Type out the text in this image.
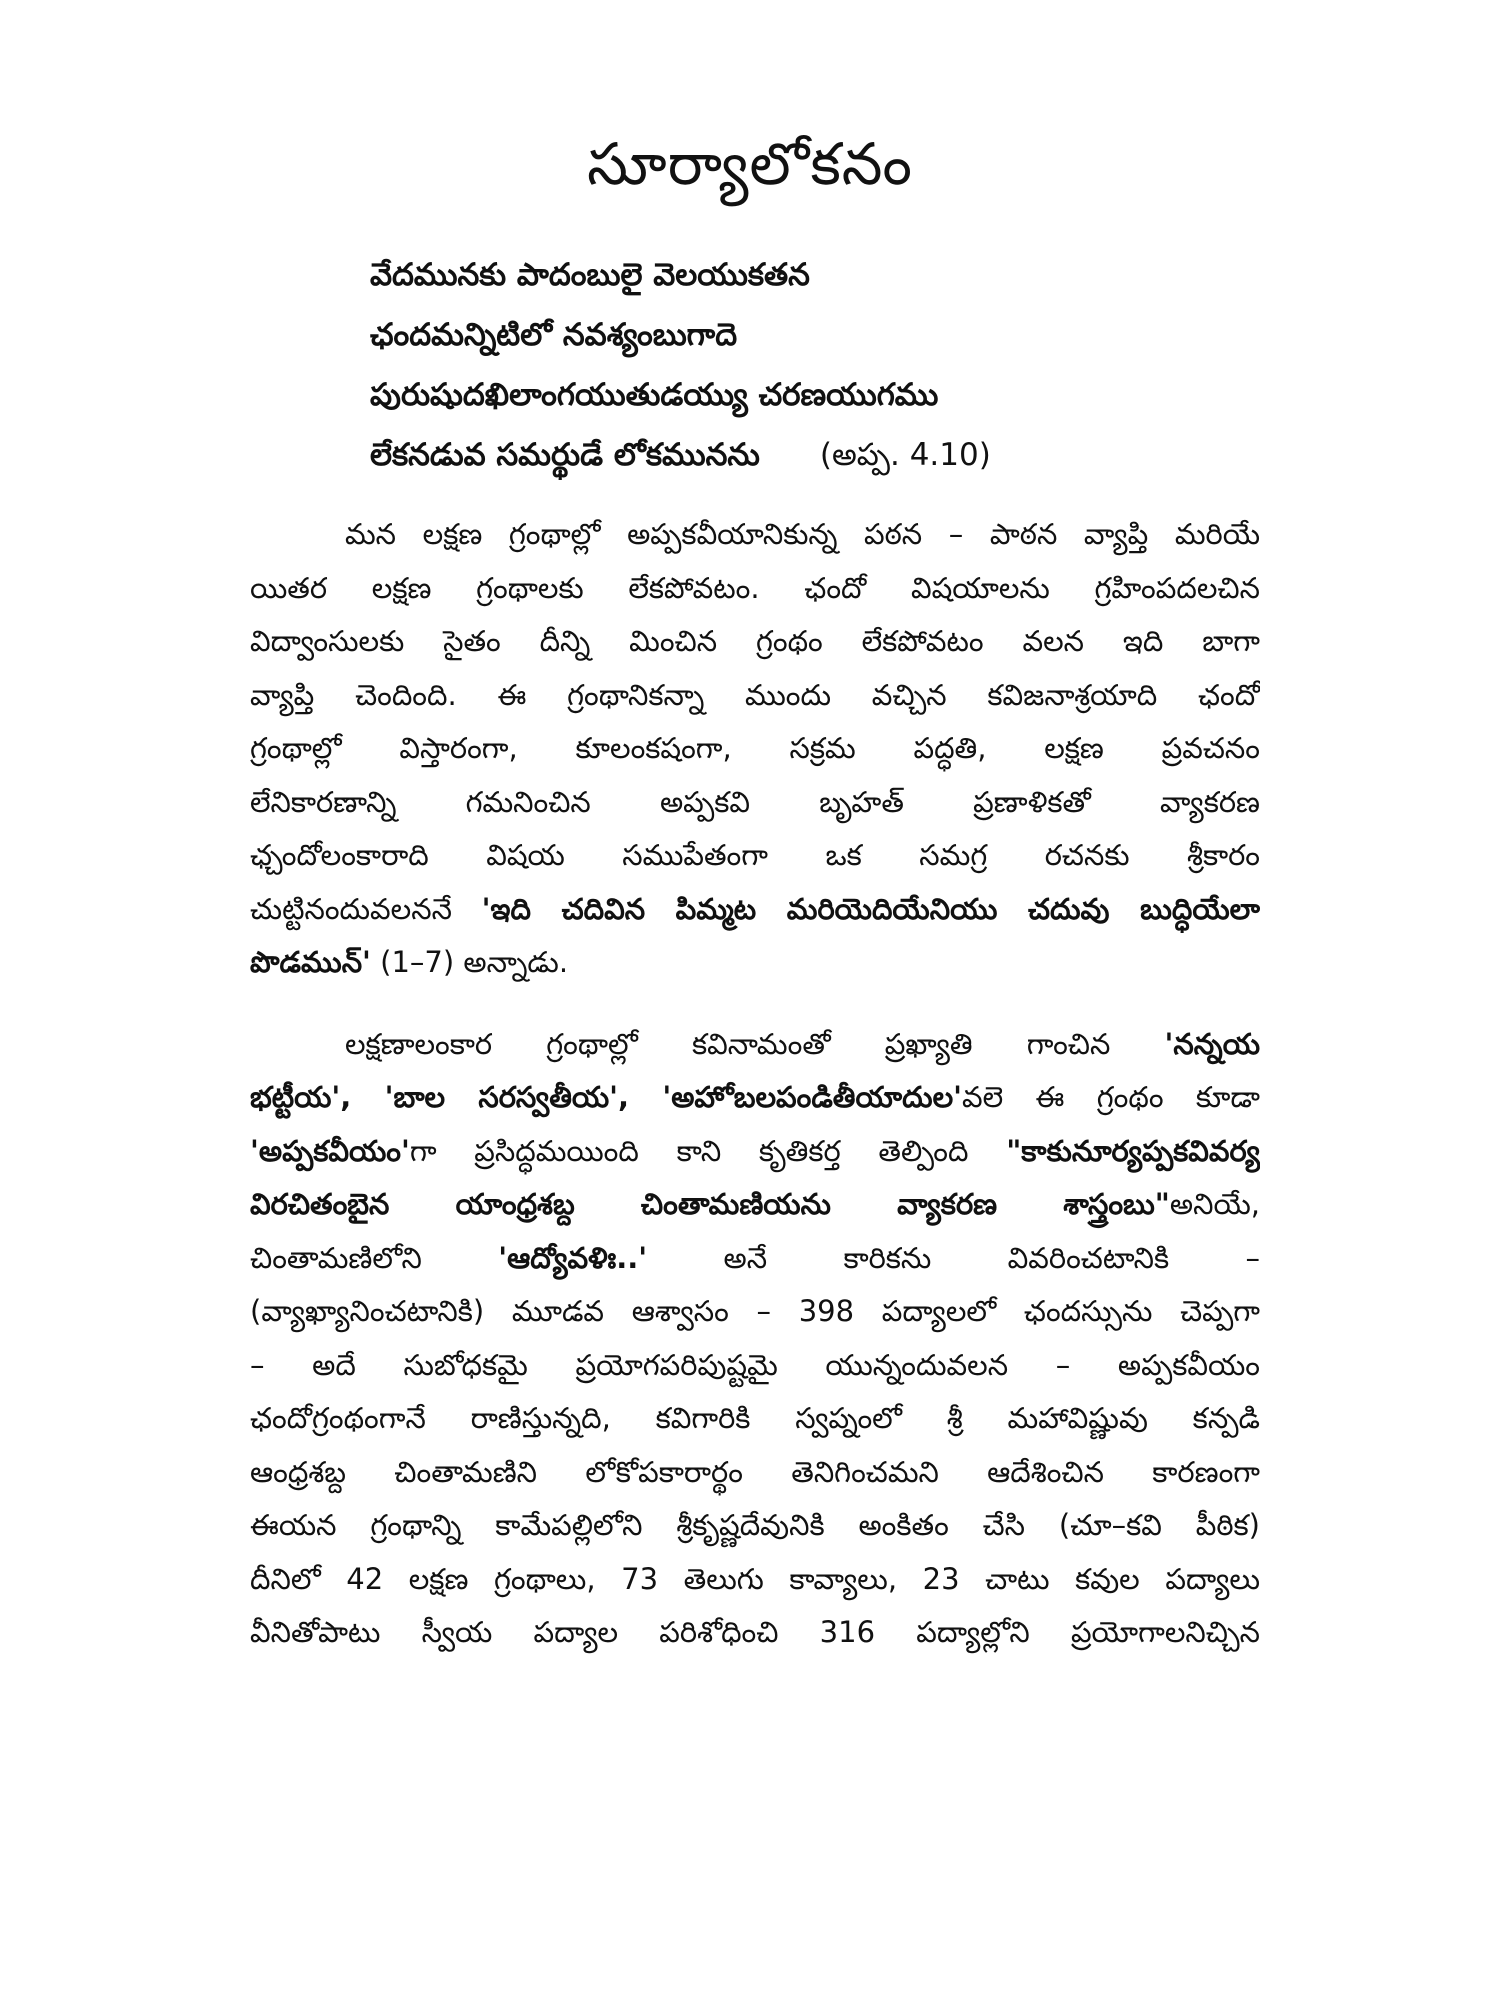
సూర్యాలోకనం
వేదమునకు పాదంబులై వెలయుకతన
ఛందమన్నిటిలో నవశ్యంబుగాదె
పురుషుదఖిలాంగయుతుడయ్యు చరణయుగము
లేకనడువ సమర్థుడే లోకమునను (అప్ప. 4.10)
మన లక్షణ గ్రంథాల్లో అప్పకవీయానికున్న పఠన – పాఠన వ్యాప్తి మరియే
యితర లక్షణ గ్రంథాలకు లేకపోవటం. ఛందో విషయాలను గ్రహింపదలచిన
విద్వాంసులకు సైతం దీన్ని మించిన గ్రంథం లేకపోవటం వలన ఇది బాగా
వ్యాప్తి చెందింది. ఈ గ్రంథానికన్నా ముందు వచ్చిన కవిజనాశ్రయాది ఛందో
గ్రంథాల్లో విస్తారంగా, కూలంకషంగా, సక్రమ పద్ధతి, లక్షణ ప్రవచనం
లేనికారణాన్ని గమనించిన అప్పకవి బృహత్ ప్రణాళికతో వ్యాకరణ
ఛ్చందోలంకారాది విషయ సముపేతంగా ఒక సమగ్ర రచనకు శ్రీకారం
చుట్టినందువలననే 'ఇది చదివిన పిమ్మట మరియెదియేనియు చదువు బుద్ధియేలా
పొడమున్' (1–7) అన్నాడు.
లక్షణాలంకార గ్రంథాల్లో కవినామంతో ప్రఖ్యాతి గాంచిన 'నన్నయ
భట్టీయ', 'బాల సరస్వతీయ', 'అహోబలపండితీయాదుల'వలె ఈ గ్రంథం కూడా
'అప్పకవీయం'గా ప్రసిద్ధమయింది కాని కృతికర్త తెల్పింది "కాకునూర్యప్పకవివర్య
విరచితంబైన యాంధ్రశబ్ద చింతామణియను వ్యాకరణ శాస్త్రంబు"అనియే,
చింతామణిలోని	'ఆద్యోవళిః..'	అనే కారికను వివరించటానికి –
(వ్యాఖ్యానించటానికి) మూడవ ఆశ్వాసం – 398 పద్యాలలో ఛందస్సును చెప్పగా
– అదే సుబోధకమై ప్రయోగపరిపుష్టమై యున్నందువలన – అప్పకవీయం
ఛందోగ్రంథంగానే రాణిస్తున్నది, కవిగారికి స్వప్నంలో శ్రీ మహావిష్ణువు కన్పడి
ఆంధ్రశబ్ద చింతామణిని లోకోపకారార్థం తెనిగించమని ఆదేశించిన కారణంగా
ఈయన గ్రంథాన్ని కామేపల్లిలోని శ్రీకృష్ణదేవునికి అంకితం చేసి (చూ–కవి పీఠిక)
దీనిలో 42 లక్షణ గ్రంథాలు, 73 తెలుగు కావ్యాలు, 23 చాటు కవుల పద్యాలు
వీనితోపాటు స్వీయ పద్యాల పరిశోధించి 316 పద్యాల్లోని ప్రయోగాలనిచ్చిన
